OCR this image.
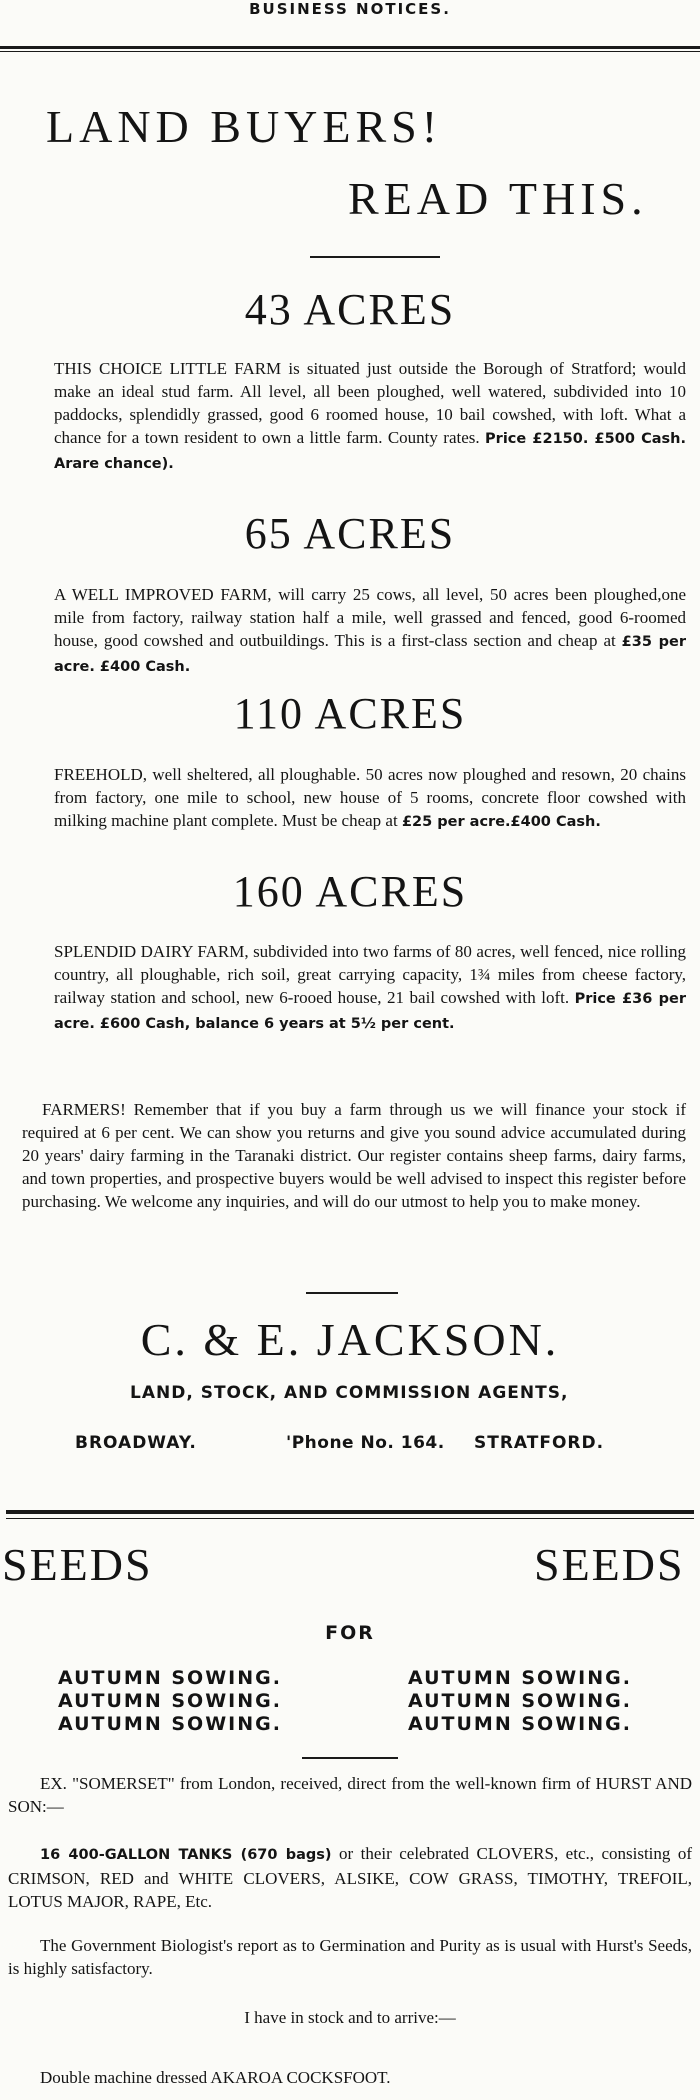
BUSINESS NOTICES.
LAND BUYERS!
READ THIS.
43 ACRES

THIS CHOICE LITTLE FARM is situated just outside the Borough of Stratford; would make an ideal stud farm. All level, all been ploughed, well watered, subdivided into 10 paddocks, splendidly grassed, good 6 roomed house, 10 bail cowshed, with loft. What a chance for a town resident to own a little farm. County rates. Price £2150. £500 Cash. Arare chance).

65 ACRES

A WELL IMPROVED FARM, will carry 25 cows, all level, 50 acres been ploughed,one mile from factory, railway station half a mile, well grassed and fenced, good 6-roomed house, good cowshed and outbuildings. This is a first-class section and cheap at £35 per acre. £400 Cash.

110 ACRES

FREEHOLD, well sheltered, all ploughable. 50 acres now ploughed and resown, 20 chains from factory, one mile to school, new house of 5 rooms, concrete floor cowshed with milking machine plant complete. Must be cheap at £25 per acre.£400 Cash.

160 ACRES

SPLENDID DAIRY FARM, subdivided into two farms of 80 acres, well fenced, nice rolling country, all ploughable, rich soil, great carrying capacity, 1¾ miles from cheese factory, railway station and school, new 6-rooed house, 21 bail cowshed with loft. Price £36 per acre. £600 Cash, balance 6 years at 5½ per cent.

FARMERS! Remember that if you buy a farm through us we will finance your stock if required at 6 per cent. We can show you returns and give you sound advice accumulated during 20 years' dairy farming in the Taranaki district. Our register contains sheep farms, dairy farms, and town properties, and prospective buyers would be well advised to inspect this register before purchasing. We welcome any inquiries, and will do our utmost to help you to make money.

C. & E. JACKSON.
LAND, STOCK, AND COMMISSION AGENTS,
BROADWAY.	'Phone No. 164. STRATFORD.
SEEDS	SEEDS
FOR
AUTUMN SOWING.
AUTUMN SOWING.
AUTUMN SOWING.
AUTUMN SOWING.
AUTUMN SOWING.
AUTUMN SOWING.

EX. "SOMERSET" from London, received, direct from the well-known firm of HURST AND SON:—

16 400-GALLON TANKS (670 bags) or their celebrated CLOVERS, etc., consisting of CRIMSON, RED and WHITE CLOVERS, ALSIKE, COW GRASS, TIMOTHY, TREFOIL, LOTUS MAJOR, RAPE, Etc.

The Government Biologist's report as to Germination and Purity as is usual with Hurst's Seeds, is highly satisfactory.

I have in stock and to arrive:—
Double machine dressed AKAROA COCKSFOOT.
